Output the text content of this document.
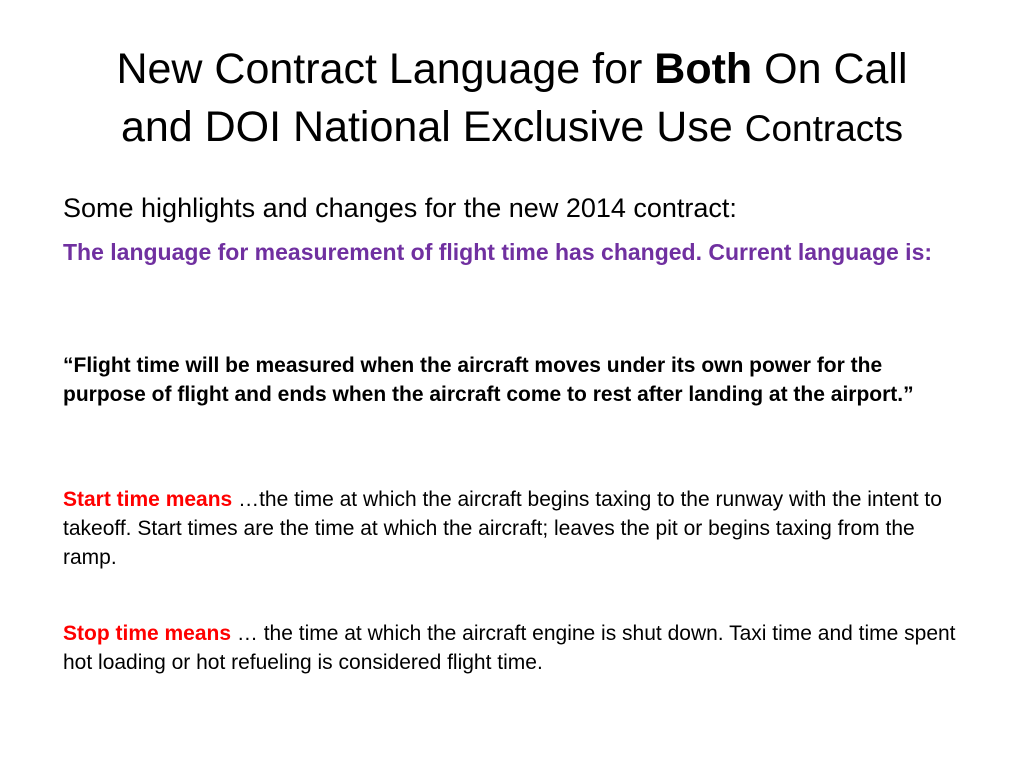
New Contract Language for Both On Call
and DOI National Exclusive Use Contracts

Some highlights and changes for the new 2014 contract:

The language for measurement of flight time has changed. Current language is:

“Flight time will be measured when the aircraft moves under its own power for the purpose of flight and ends when the aircraft come to rest after landing at the airport.”

Start time means …the time at which the aircraft begins taxing to the runway with the intent to takeoff. Start times are the time at which the aircraft; leaves the pit or begins taxing from the ramp.

Stop time means … the time at which the aircraft engine is shut down. Taxi time and time spent hot loading or hot refueling is considered flight time.
